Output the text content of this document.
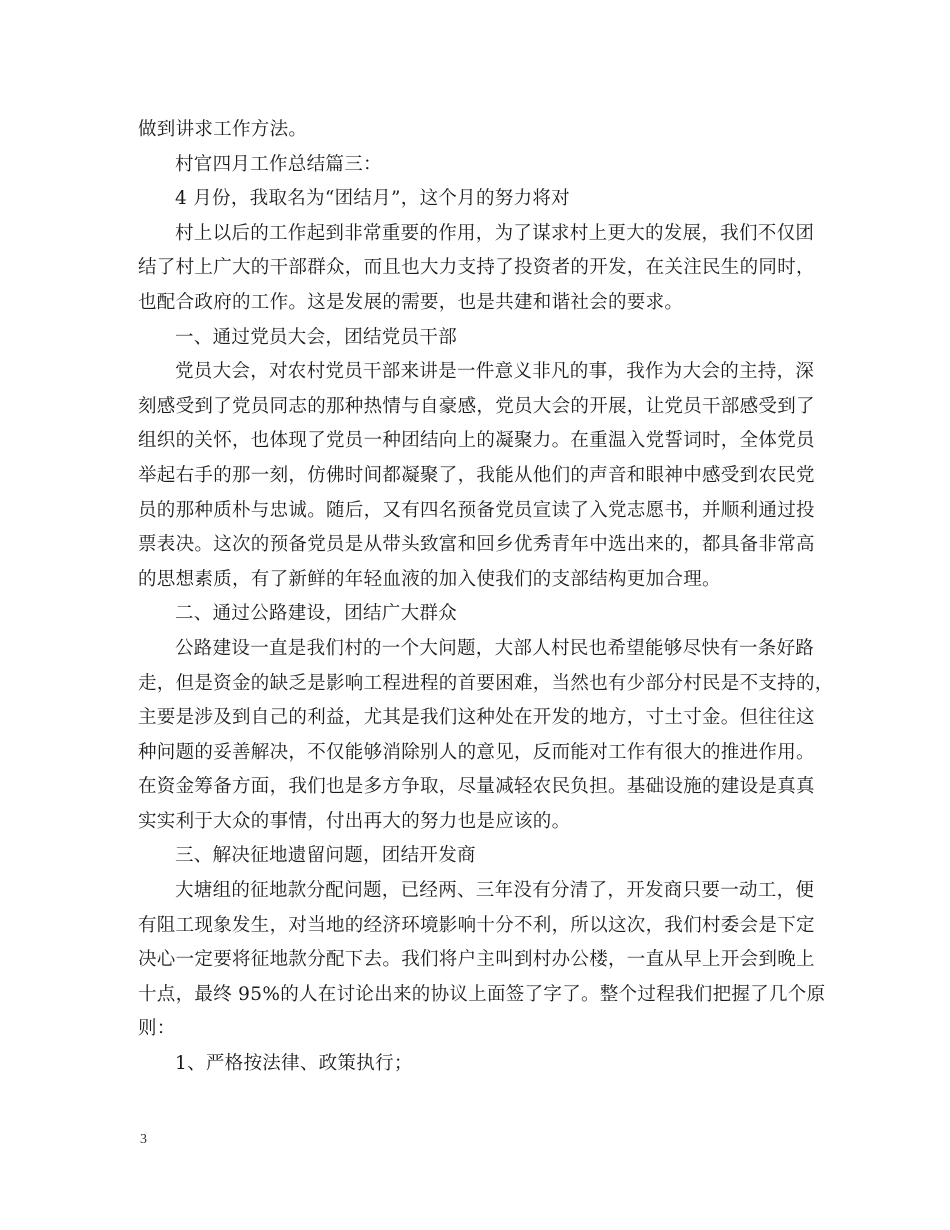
做到讲求工作方法。
村官四月工作总结篇三：
4 月份，我取名为“团结月”，这个月的努力将对
村上以后的工作起到非常重要的作用，为了谋求村上更大的发展，我们不仅团
结了村上广大的干部群众，而且也大力支持了投资者的开发，在关注民生的同时，
也配合政府的工作。这是发展的需要，也是共建和谐社会的要求。
一、通过党员大会，团结党员干部
党员大会，对农村党员干部来讲是一件意义非凡的事，我作为大会的主持，深
刻感受到了党员同志的那种热情与自豪感，党员大会的开展，让党员干部感受到了
组织的关怀，也体现了党员一种团结向上的凝聚力。在重温入党誓词时，全体党员
举起右手的那一刻，仿佛时间都凝聚了，我能从他们的声音和眼神中感受到农民党
员的那种质朴与忠诚。随后，又有四名预备党员宣读了入党志愿书，并顺利通过投
票表决。这次的预备党员是从带头致富和回乡优秀青年中选出来的，都具备非常高
的思想素质，有了新鲜的年轻血液的加入使我们的支部结构更加合理。
二、通过公路建设，团结广大群众
公路建设一直是我们村的一个大问题，大部人村民也希望能够尽快有一条好路
走，但是资金的缺乏是影响工程进程的首要困难，当然也有少部分村民是不支持的，
主要是涉及到自己的利益，尤其是我们这种处在开发的地方，寸土寸金。但往往这
种问题的妥善解决，不仅能够消除别人的意见，反而能对工作有很大的推进作用。
在资金筹备方面，我们也是多方争取，尽量减轻农民负担。基础设施的建设是真真
实实利于大众的事情，付出再大的努力也是应该的。
三、解决征地遗留问题，团结开发商
大塘组的征地款分配问题，已经两、三年没有分清了，开发商只要一动工，便
有阻工现象发生，对当地的经济环境影响十分不利，所以这次，我们村委会是下定
决心一定要将征地款分配下去。我们将户主叫到村办公楼，一直从早上开会到晚上
十点，最终 95%的人在讨论出来的协议上面签了字了。整个过程我们把握了几个原
则：
1、严格按法律、政策执行；
3
